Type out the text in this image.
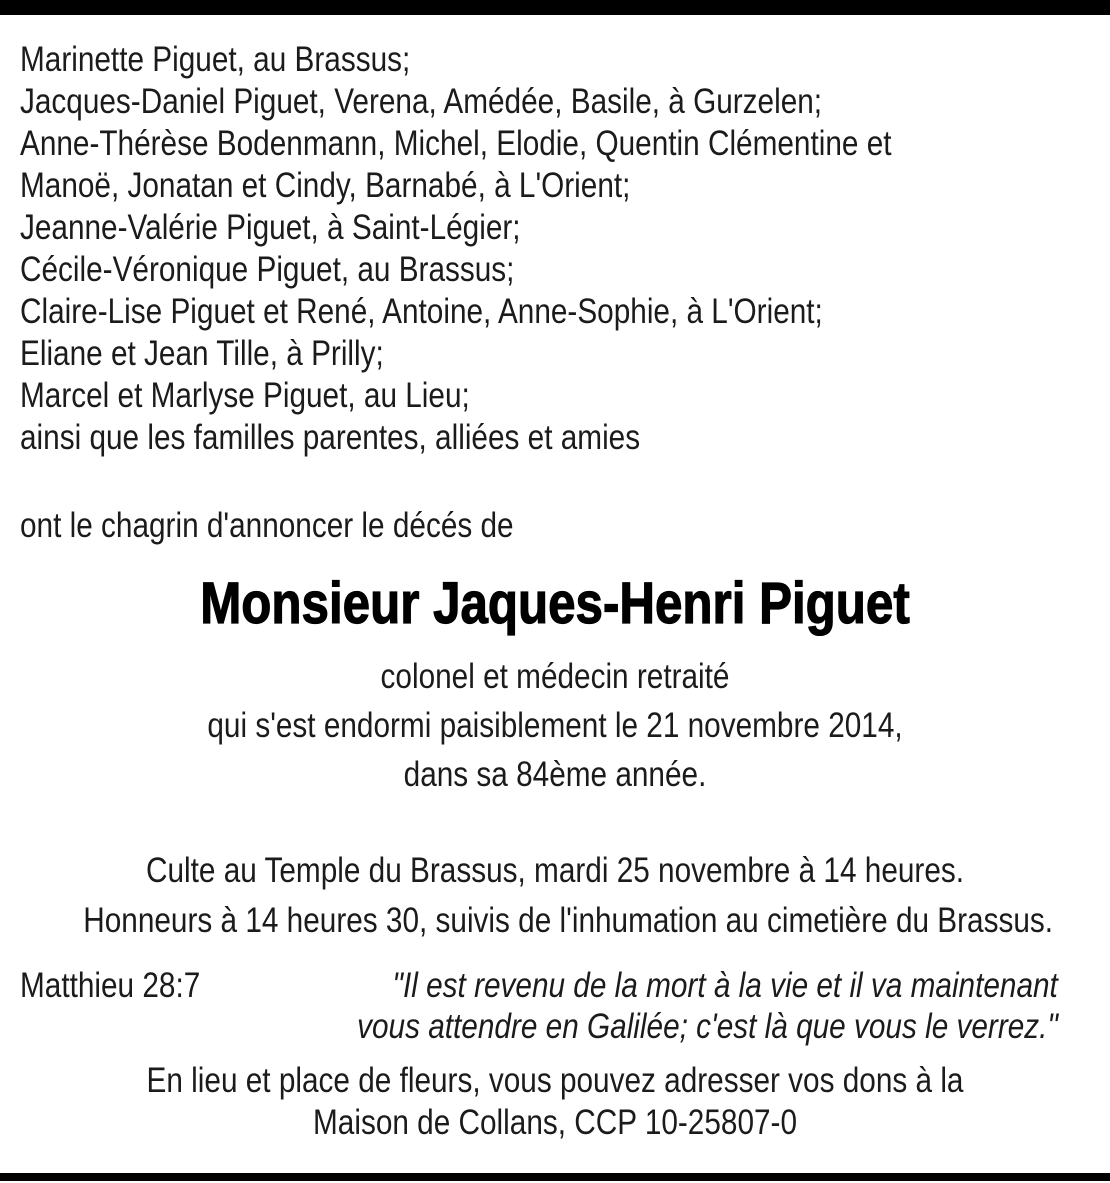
Marinette Piguet, au Brassus;
Jacques-Daniel Piguet, Verena, Amédée, Basile, à Gurzelen;
Anne-Thérèse Bodenmann, Michel, Elodie, Quentin Clémentine et
Manoë, Jonatan et Cindy, Barnabé, à L'Orient;
Jeanne-Valérie Piguet, à Saint-Légier;
Cécile-Véronique Piguet, au Brassus;
Claire-Lise Piguet et René, Antoine, Anne-Sophie, à L'Orient;
Eliane et Jean Tille, à Prilly;
Marcel et Marlyse Piguet, au Lieu;
ainsi que les familles parentes, alliées et amies
ont le chagrin d'annoncer le décés de
Monsieur Jaques-Henri Piguet
colonel et médecin retraité
qui s'est endormi paisiblement le 21 novembre 2014,
dans sa 84ème année.
Culte au Temple du Brassus, mardi 25 novembre à 14 heures.
Honneurs à 14 heures 30, suivis de l'inhumation au cimetière du Brassus.
Matthieu 28:7	"Il est revenu de la mort à la vie et il va maintenant
vous attendre en Galilée; c'est là que vous le verrez."
En lieu et place de fleurs, vous pouvez adresser vos dons à la
Maison de Collans, CCP 10-25807-0
